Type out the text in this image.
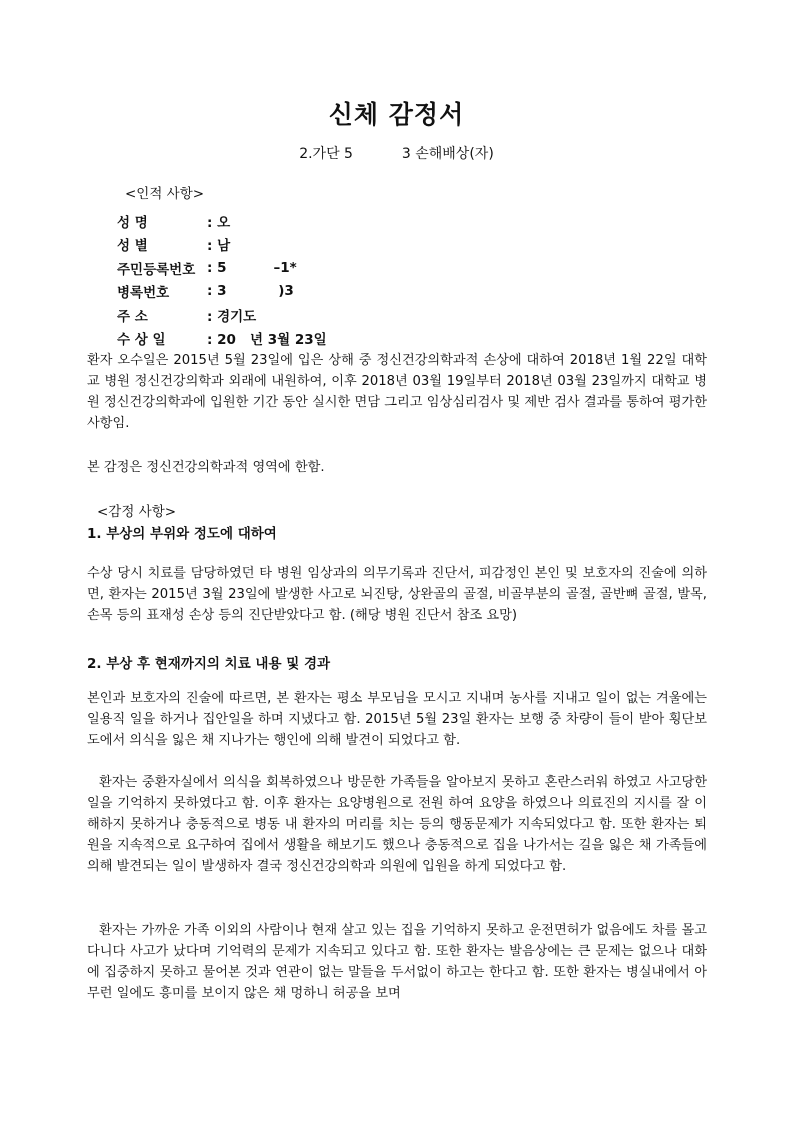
신체 감정서
2.가단 5	3 손해배상(자)
<인적 사항>
성 명	: 오
성 별	: 남
주민등록번호 : 5          –1*
병록번호	: 3           )3
주 소	: 경기도
수 상 일	: 20   년 3월 23일
환자 오수일은 2015년 5월 23일에 입은 상해 중 정신건강의학과적 손상에 대하여 2018년 1월 22일 대학교 병원 정신건강의학과 외래에 내원하여, 이후 2018년 03월 19일부터 2018년 03월 23일까지 대학교 병원 정신건강의학과에 입원한 기간 동안 실시한 면담 그리고 임상심리검사 및 제반 검사 결과를 통하여 평가한 사항임.
본 감정은 정신건강의학과적 영역에 한함.
<감정 사항>
1. 부상의 부위와 정도에 대하여
수상 당시 치료를 담당하였던 타 병원 임상과의 의무기록과 진단서, 피감정인 본인 및 보호자의 진술에 의하면, 환자는 2015년 3월 23일에 발생한 사고로 뇌진탕, 상완골의 골절, 비골부분의 골절, 골반뼈 골절, 발목, 손목 등의 표재성 손상 등의 진단받았다고 함. (해당 병원 진단서 참조 요망)
2. 부상 후 현재까지의 치료 내용 및 경과
본인과 보호자의 진술에 따르면, 본 환자는 평소 부모님을 모시고 지내며 농사를 지내고 일이 없는 겨울에는 일용직 일을 하거나 집안일을 하며 지냈다고 함. 2015년 5월 23일 환자는 보행 중 차량이 들이 받아 횡단보도에서 의식을 잃은 채 지나가는 행인에 의해 발견이 되었다고 함.
환자는 중환자실에서 의식을 회복하였으나 방문한 가족들을 알아보지 못하고 혼란스러워 하였고 사고당한 일을 기억하지 못하였다고 함. 이후 환자는 요양병원으로 전원 하여 요양을 하였으나 의료진의 지시를 잘 이해하지 못하거나 충동적으로 병동 내 환자의 머리를 치는 등의 행동문제가 지속되었다고 함. 또한 환자는 퇴원을 지속적으로 요구하여 집에서 생활을 해보기도 했으나 충동적으로 집을 나가서는 길을 잃은 채 가족들에 의해 발견되는 일이 발생하자 결국 정신건강의학과 의원에 입원을 하게 되었다고 함.
환자는 가까운 가족 이외의 사람이나 현재 살고 있는 집을 기억하지 못하고 운전면허가 없음에도 차를 몰고 다니다 사고가 났다며 기억력의 문제가 지속되고 있다고 함. 또한 환자는 발음상에는 큰 문제는 없으나 대화에 집중하지 못하고 물어본 것과 연관이 없는 말들을 두서없이 하고는 한다고 함. 또한 환자는 병실내에서 아무런 일에도 흥미를 보이지 않은 채 멍하니 허공을 보며
